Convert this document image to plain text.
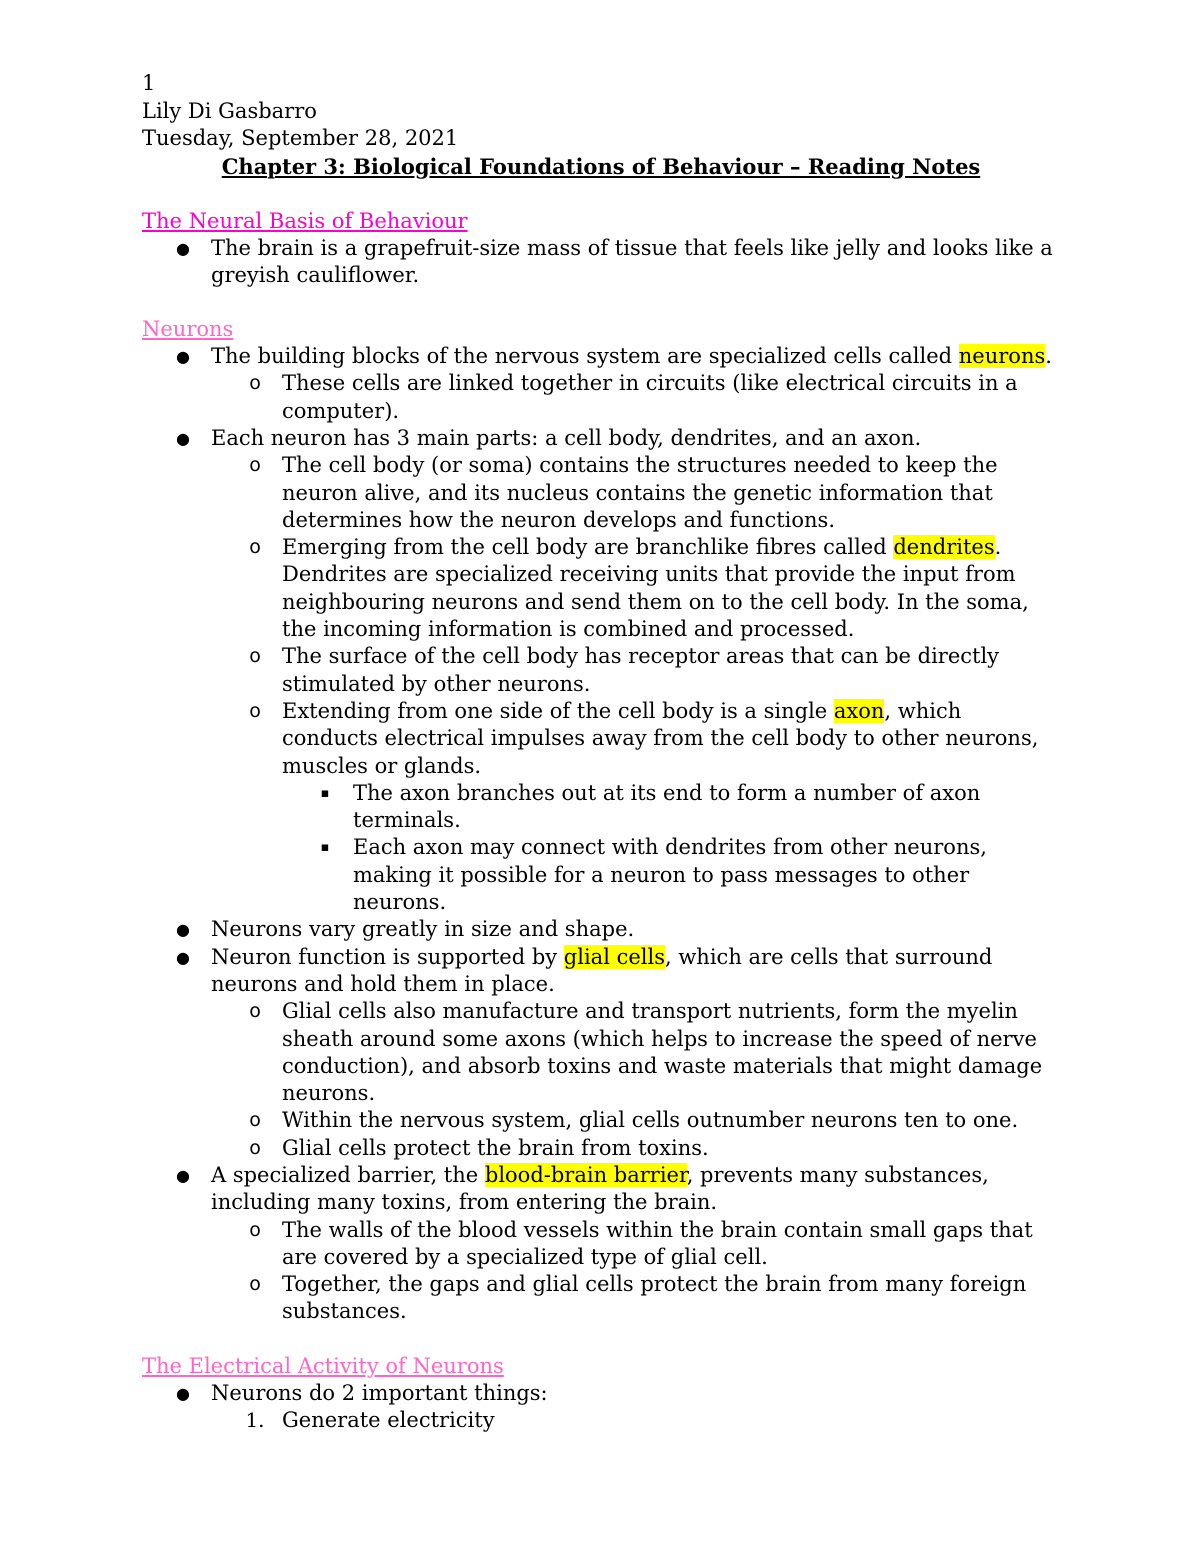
1
Lily Di Gasbarro
Tuesday, September 28, 2021
Chapter 3: Biological Foundations of Behaviour – Reading Notes
The Neural Basis of Behaviour
●	The brain is a grapefruit-size mass of tissue that feels like jelly and looks like a greyish cauliflower.
Neurons
●	The building blocks of the nervous system are specialized cells called neurons.
o	These cells are linked together in circuits (like electrical circuits in a computer).
●	Each neuron has 3 main parts: a cell body, dendrites, and an axon.
o	The cell body (or soma) contains the structures needed to keep the neuron alive, and its nucleus contains the genetic information that determines how the neuron develops and functions.
o	Emerging from the cell body are branchlike fibres called dendrites. Dendrites are specialized receiving units that provide the input from neighbouring neurons and send them on to the cell body. In the soma, the incoming information is combined and processed.
o	The surface of the cell body has receptor areas that can be directly stimulated by other neurons.
o	Extending from one side of the cell body is a single axon, which conducts electrical impulses away from the cell body to other neurons, muscles or glands.
▪	The axon branches out at its end to form a number of axon terminals.
▪	Each axon may connect with dendrites from other neurons, making it possible for a neuron to pass messages to other neurons.
●	Neurons vary greatly in size and shape.
●	Neuron function is supported by glial cells, which are cells that surround neurons and hold them in place.
o	Glial cells also manufacture and transport nutrients, form the myelin sheath around some axons (which helps to increase the speed of nerve conduction), and absorb toxins and waste materials that might damage neurons.
o	Within the nervous system, glial cells outnumber neurons ten to one.
o	Glial cells protect the brain from toxins.
●	A specialized barrier, the blood-brain barrier, prevents many substances, including many toxins, from entering the brain.
o	The walls of the blood vessels within the brain contain small gaps that are covered by a specialized type of glial cell.
o	Together, the gaps and glial cells protect the brain from many foreign substances.
The Electrical Activity of Neurons
●	Neurons do 2 important things:
1. Generate electricity
